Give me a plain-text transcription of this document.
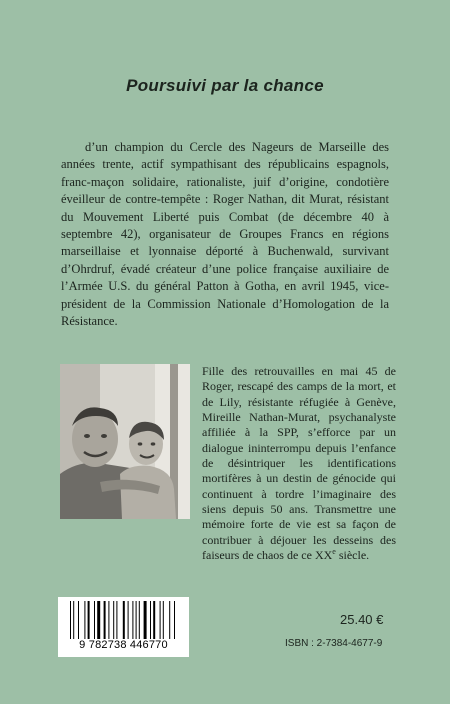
Poursuivi par la chance

d’un champion du Cercle des Nageurs de Marseille des années trente, actif sympathisant des républicains espagnols, franc-maçon solidaire, rationaliste, juif d’origine, condotière éveilleur de contre-tempête : Roger Nathan, dit Murat, résistant du Mouvement Liberté puis Combat (de décembre 40 à septembre 42), organisateur de Groupes Francs en régions marseillaise et lyonnaise déporté à Buchenwald, survivant d’Ohrdruf, évadé créateur d’une police française auxiliaire de l’Armée U.S. du général Patton à Gotha, en avril 1945, vice-président de la Commission Nationale d’Homologation de la Résistance.

Fille des retrouvailles en mai 45 de Roger, rescapé des camps de la mort, et de Lily, résistante réfugiée à Genève, Mireille Nathan-Murat, psychanalyste affiliée à la SPP, s’efforce par un dialogue ininterrompu depuis l’enfance de désintriquer les identifications mortifères à un destin de génocide qui continuent à tordre l’imaginaire des siens depuis 50 ans. Transmettre une mémoire forte de vie est sa façon de contribuer à déjouer les desseins des faiseurs de chaos de ce XXe siècle.

25.40 €
9 782738 446770	ISBN : 2-7384-4677-9
